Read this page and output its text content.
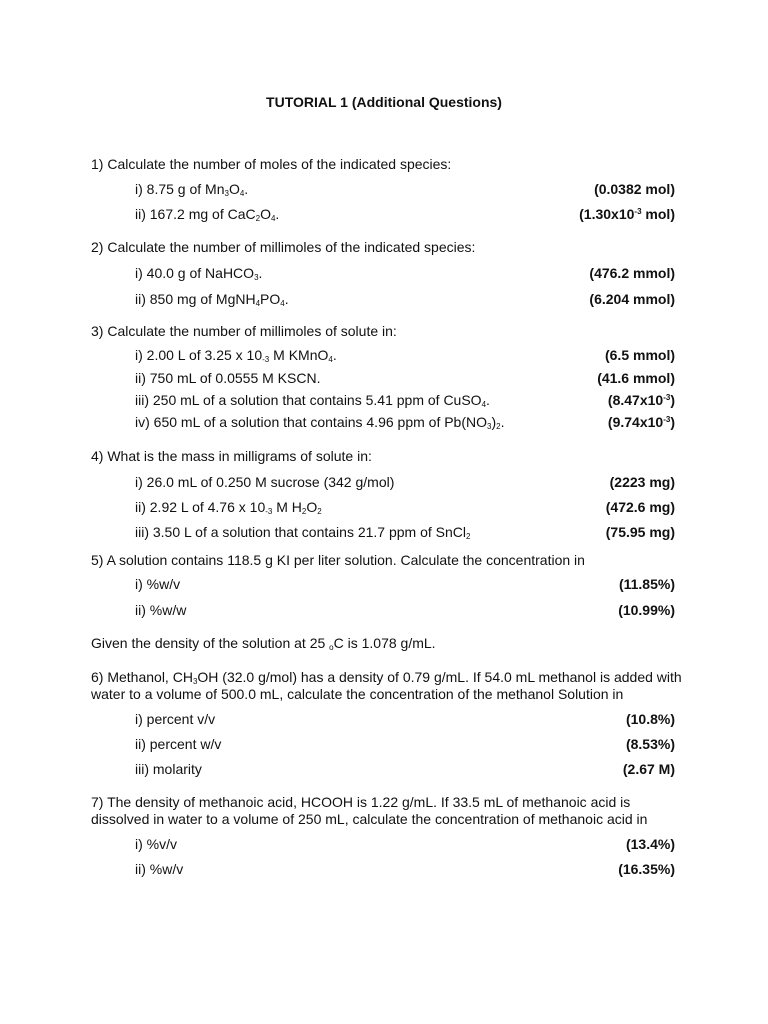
TUTORIAL 1 (Additional Questions)
1) Calculate the number of moles of the indicated species:
i) 8.75 g of $Mn_3O_4$.	(0.0382 mol)
ii) 167.2 mg of $CaC_2O_4$.	($1.30x10^{-3}$ mol)
2) Calculate the number of millimoles of the indicated species:
i) 40.0 g of NaHCO$_3$.	(476.2 mmol)
ii) 850 mg of $MgNH_4PO_4$.	(6.204 mmol)
3) Calculate the number of millimoles of solute in:
i) 2.00 L of 3.25 x 10-3 M KMnO$_4$.	(6.5 mmol)
ii) 750 mL of 0.0555 M KSCN.	(41.6 mmol)
iii) 250 mL of a solution that contains 5.41 ppm of CuSO$_4$.	$(8.47x10^{-3})$
iv) 650 mL of a solution that contains 4.96 ppm of $Pb(NO_3)_2$.	$(9.74x10^{-3})$
4) What is the mass in milligrams of solute in:
i) 26.0 mL of 0.250 M sucrose (342 g/mol)	(2223 mg)
ii) 2.92 L of 4.76 x 10-3 M $H_2O_2$	(472.6 mg)
iii) 3.50 L of a solution that contains 21.7 ppm of SnCl$_2$	(75.95 mg)
5) A solution contains 118.5 g KI per liter solution. Calculate the concentration in
i) %w/v	(11.85%)
ii) %w/w	(10.99%)
Given the density of the solution at 25 oC is 1.078 g/mL.
6) Methanol, $CH_3OH$ (32.0 g/mol) has a density of 0.79 g/mL. If 54.0 mL methanol is added with water to a volume of 500.0 mL, calculate the concentration of the methanol Solution in
i) percent v/v	(10.8%)
ii) percent w/v	(8.53%)
iii) molarity	(2.67 M)
7) The density of methanoic acid, HCOOH is 1.22 g/mL. If 33.5 mL of methanoic acid is dissolved in water to a volume of 250 mL, calculate the concentration of methanoic acid in
i) %v/v	(13.4%)
ii) %w/v	(16.35%)
